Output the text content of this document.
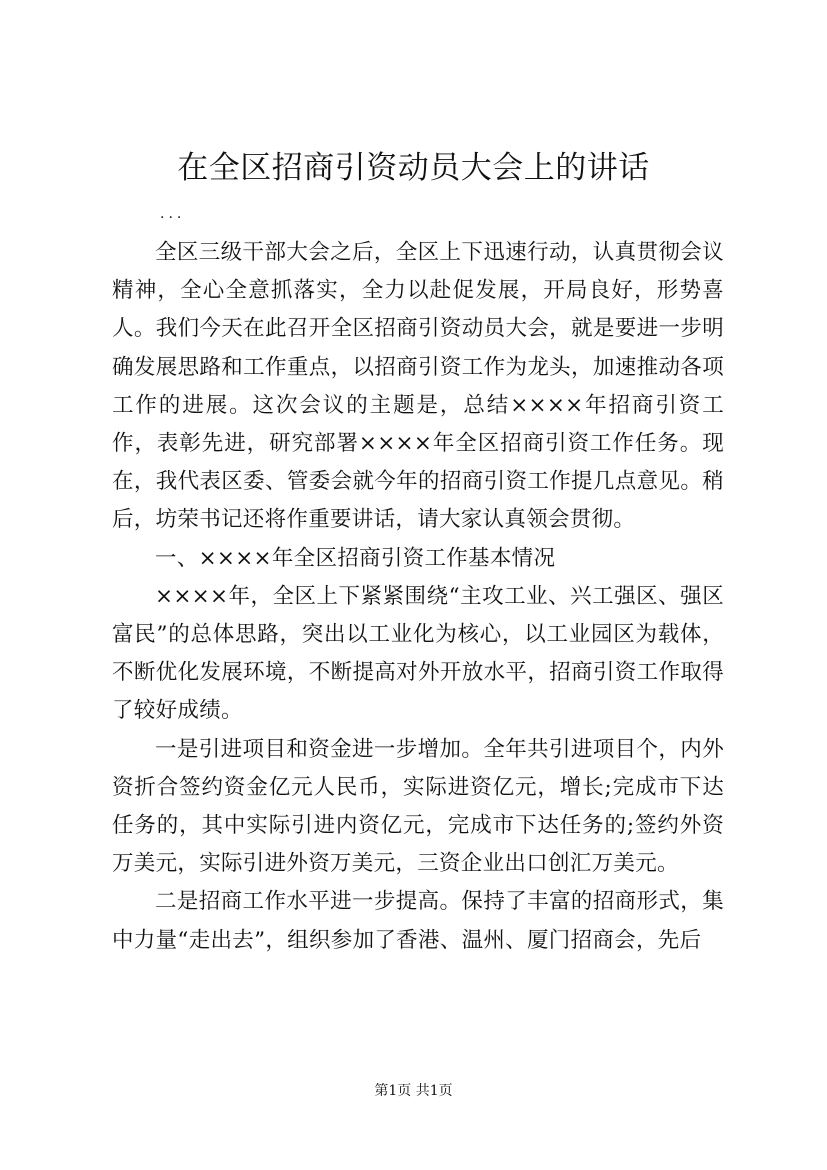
在全区招商引资动员大会上的讲话

...

全区三级干部大会之后，全区上下迅速行动，认真贯彻会议精神，全心全意抓落实，全力以赴促发展，开局良好，形势喜人。我们今天在此召开全区招商引资动员大会，就是要进一步明确发展思路和工作重点，以招商引资工作为龙头，加速推动各项工作的进展。这次会议的主题是，总结××××年招商引资工作，表彰先进，研究部署××××年全区招商引资工作任务。现在，我代表区委、管委会就今年的招商引资工作提几点意见。稍后，坊荣书记还将作重要讲话，请大家认真领会贯彻。

一、××××年全区招商引资工作基本情况

××××年，全区上下紧紧围绕“主攻工业、兴工强区、强区富民”的总体思路，突出以工业化为核心，以工业园区为载体，不断优化发展环境，不断提高对外开放水平，招商引资工作取得了较好成绩。

一是引进项目和资金进一步增加。全年共引进项目个，内外资折合签约资金亿元人民币，实际进资亿元，增长;完成市下达任务的，其中实际引进内资亿元，完成市下达任务的;签约外资万美元，实际引进外资万美元，三资企业出口创汇万美元。

二是招商工作水平进一步提高。保持了丰富的招商形式，集中力量“走出去”，组织参加了香港、温州、厦门招商会，先后

第1页 共1页
